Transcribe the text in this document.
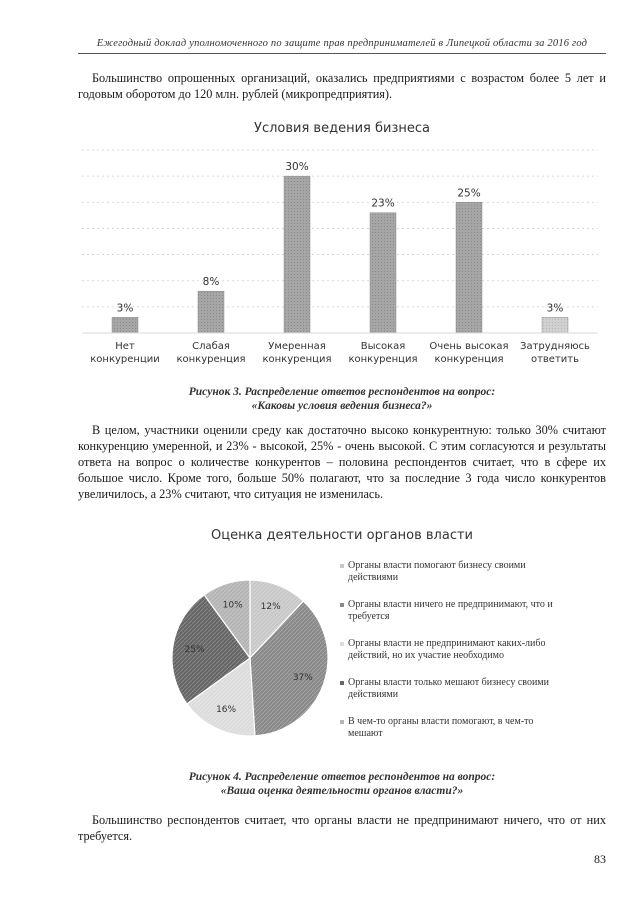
Ежегодный доклад уполномоченного по защите прав предпринимателей в Липецкой области за 2016 год

Большинство опрошенных организаций, оказались предприятиями с возрастом более 5 лет и годовым оборотом до 120 млн. рублей (микропредприятия).

Условия ведения бизнеса
3%
Нет
конкуренции
8%
Слабая
конкуренция
30%
Умеренная
конкуренция
23%
Высокая
конкуренция
25%
Очень высокая
конкуренция
3%
Затрудняюсь
ответить
Рисунок 3. Распределение ответов респондентов на вопрос:
«Каковы условия ведения бизнеса?»

В целом, участники оценили среду как достаточно высоко конкурентную: только 30% считают конкуренцию умеренной, и 23% - высокой, 25% - очень высокой. С этим согласуются и результаты ответа на вопрос о количестве конкурентов – половина респондентов считает, что в сфере их большое число. Кроме того, больше 50% полагают, что за последние 3 года число конкурентов увеличилось, а 23% считают, что ситуация не изменилась.

Оценка деятельности органов власти
12%
37%
16%
25%
10%
Органы власти помогают бизнесу своими действиями
Органы власти ничего не предпринимают, что и требуется
Органы власти не предпринимают каких-либо действий, но их участие необходимо
Органы власти только мешают бизнесу своими действиями
В чем-то органы власти помогают, в чем-то мешают
Рисунок 4. Распределение ответов респондентов на вопрос:
«Ваша оценка деятельности органов власти?»

Большинство респондентов считает, что органы власти не предпринимают ничего, что от них требуется.

83
